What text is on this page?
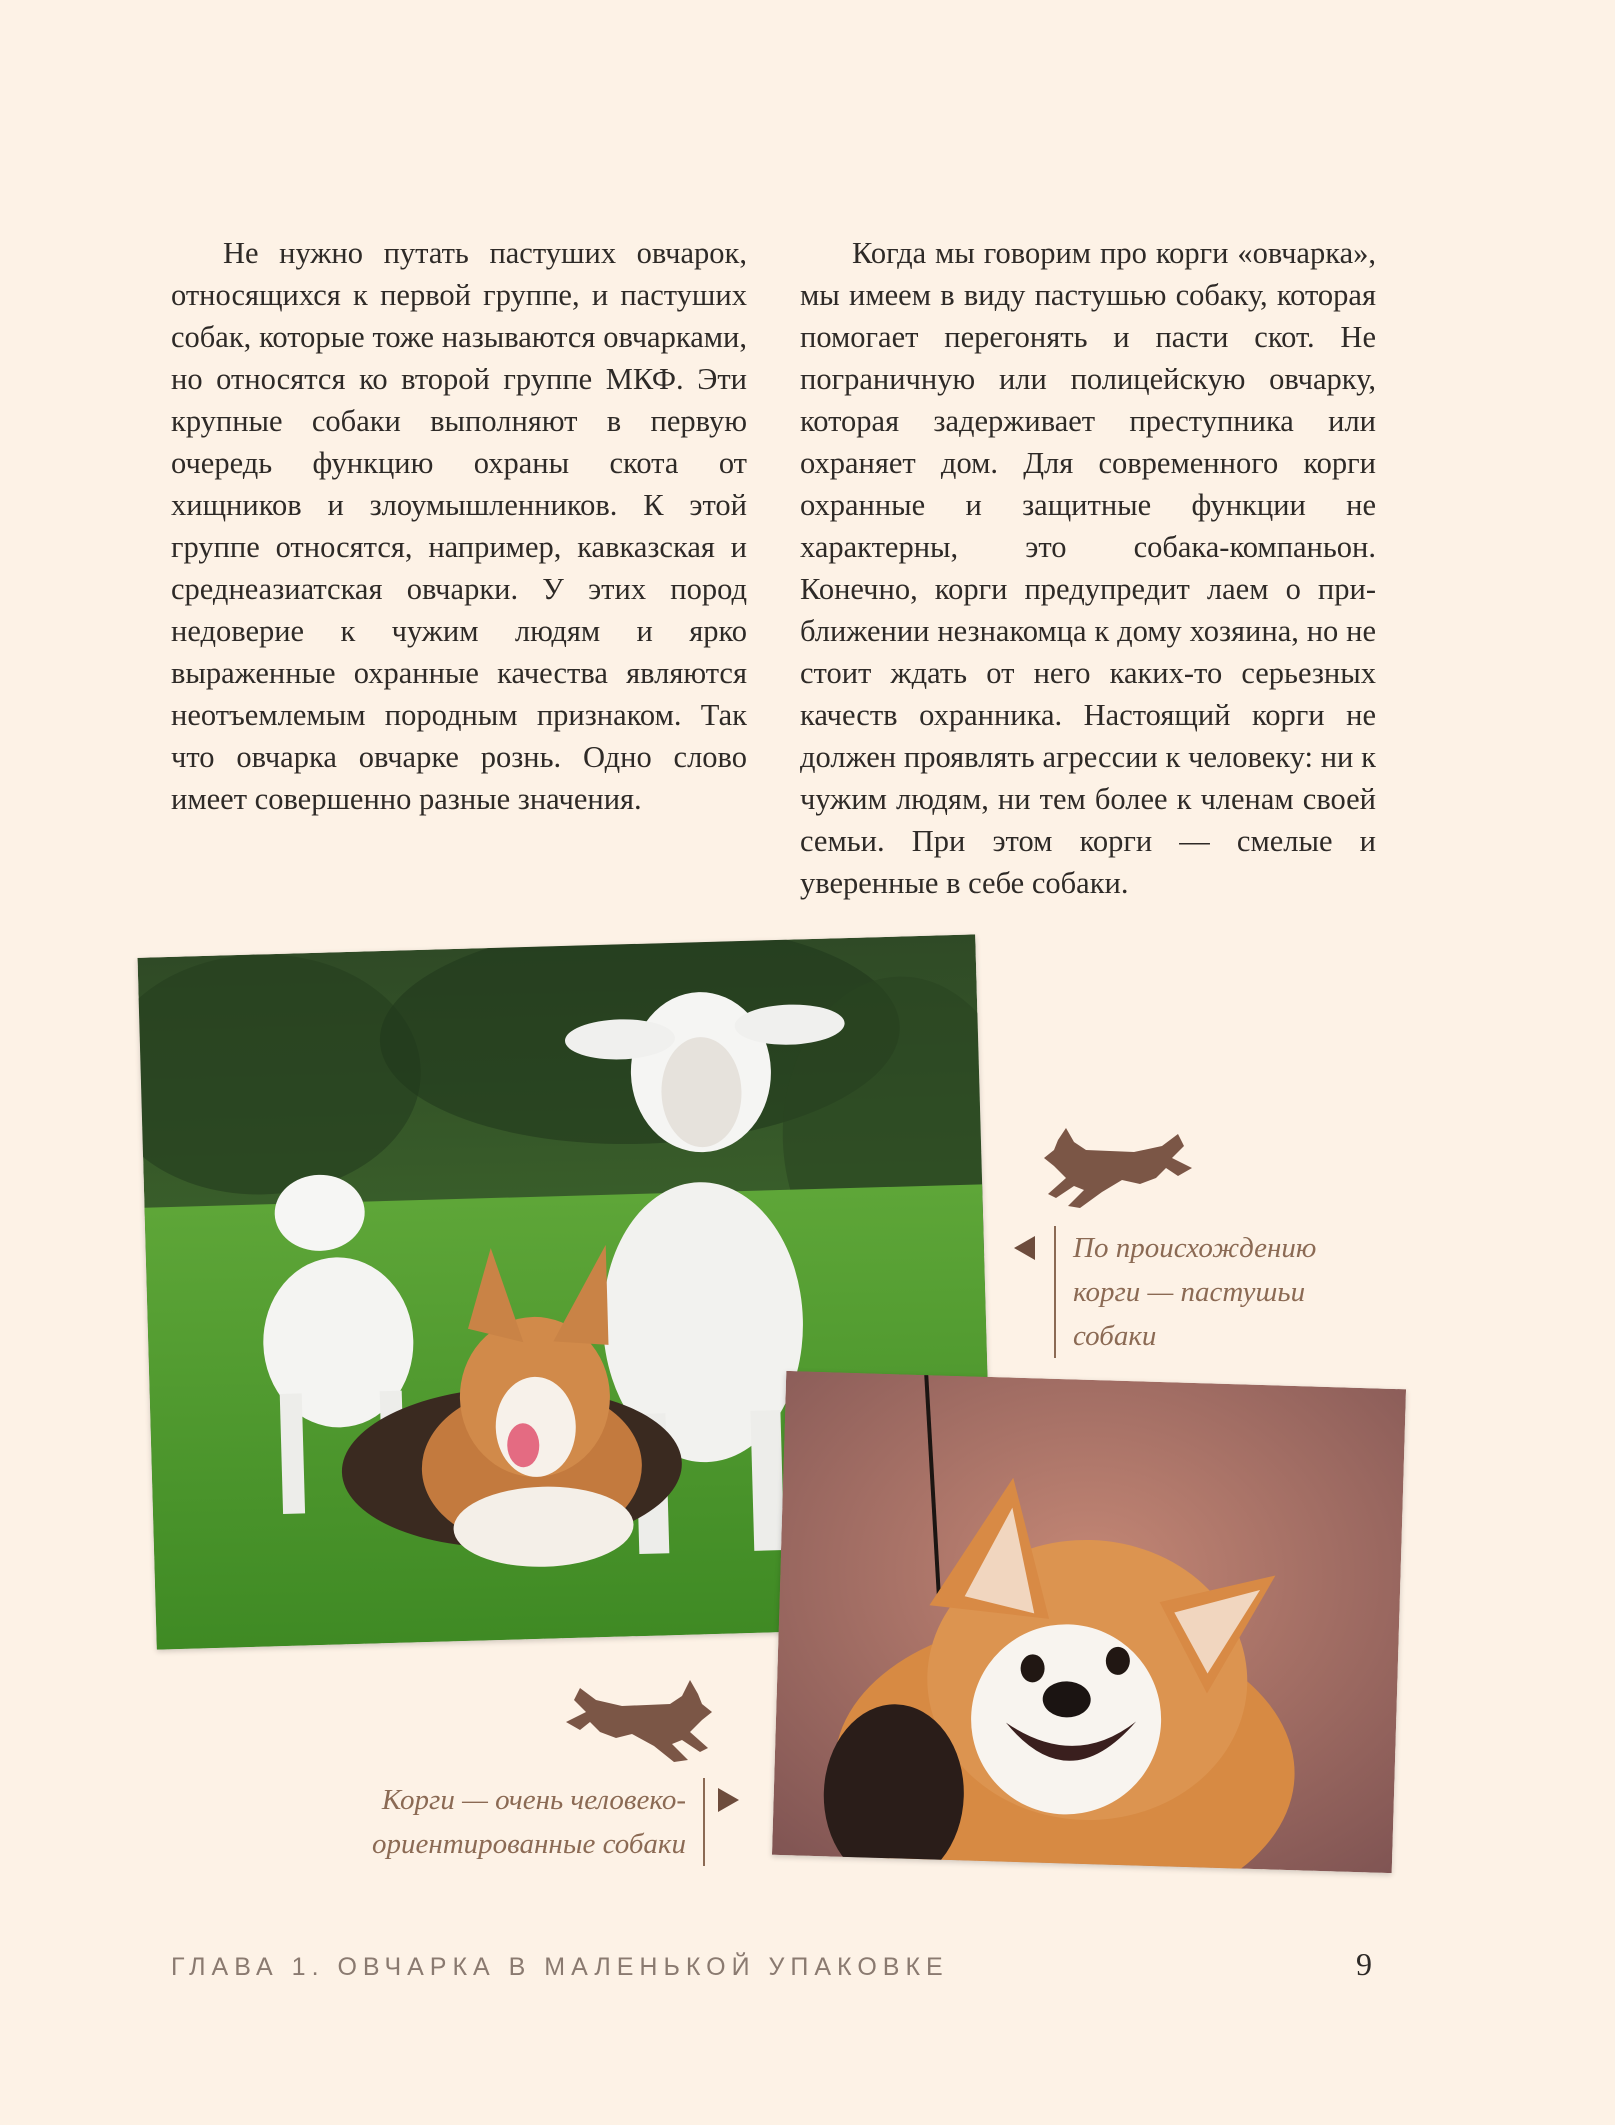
Не нужно путать пастуших овчарок, относящихся к первой группе, и пастуших собак, которые тоже называются овчарками, но относятся ко второй группе МКФ. Эти крупные собаки выполняют в первую очередь функцию охраны скота от хищников и злоумышленников. К этой группе относятся, например, кавказская и среднеазиатская овчарки. У этих пород недоверие к чужим людям и ярко выраженные охранные качества являются неотъемлемым породным признаком. Так что овчарка овчарке рознь. Одно слово имеет совершенно разные значения.

Когда мы говорим про корги «овчарка», мы имеем в виду пастушью собаку, которая помогает перегонять и пасти скот. Не пограничную или полицейскую овчарку, которая задерживает преступника или охраняет дом. Для современного корги охранные и защитные функции не характерны, это собака-компаньон. Конечно, корги предупредит лаем о приближении незнакомца к дому хозяина, но не стоит ждать от него каких-то серьезных качеств охранника. Настоящий корги не должен проявлять агрессии к человеку: ни к чужим людям, ни тем более к членам своей семьи. При этом корги — смелые и уверенные в себе собаки.

По происхождению корги — пастушьи собаки
Корги — очень человекоориентированные собаки
ГЛАВА 1. ОВЧАРКА В МАЛЕНЬКОЙ УПАКОВКЕ	9
